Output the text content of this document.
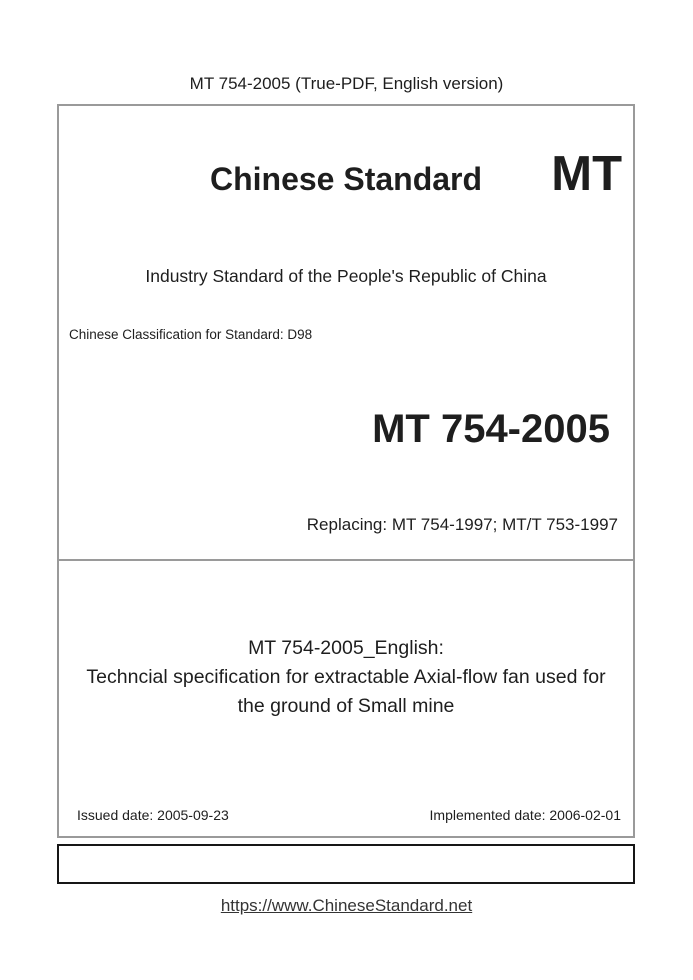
MT 754-2005 (True-PDF, English version)
Chinese Standard	MT
Industry Standard of the People's Republic of China
Chinese Classification for Standard: D98
MT 754-2005
Replacing: MT 754-1997; MT/T 753-1997
MT 754-2005_English:
Techncial specification for extractable Axial-flow fan used for
the ground of Small mine
Issued date: 2005-09-23	Implemented date: 2006-02-01
https://www.ChineseStandard.net
